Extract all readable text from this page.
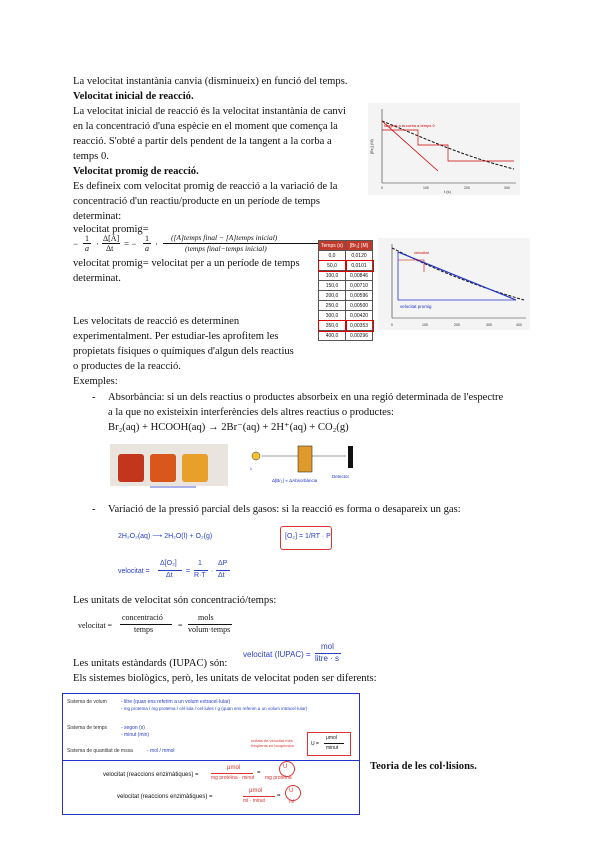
La velocitat instantània canvia (disminueix) en funció del temps.
Velocitat inicial de reacció.
La velocitat inicial de reacció és la velocitat instantània de canvi
en la concentració d'una espècie en el moment que comença la
reacció. S'obté a partir dels pendent de la tangent a la corba a
temps 0.
Velocitat promig de reacció.
Es defineix com velocitat promig de reacció a la variació de la
concentració d'un reactiu/producte en un període de temps
determinat:
velocitat promig=
−
1
a ·
Δ[A]
Δt = −
1
a ·
([A]temps final − [A]temps inicial)
(temps final−temps inicial)
velocitat promig= velocitat per a un període de temps
determinat.
[Br₂] (M)
tangent a la corba a temps 0
t (s)
0	100	200	300
Temps (s)	[Br₂] (M)
0,0	0,0120
50,0	0,0101
100,0	0,00846
150,0	0,00710
200,0	0,00596
250,0	0,00500
300,0	0,00420
350,0	0,00353
400,0	0,00296
velocitat
velocitat promig
0	100	200	300	400
Les velocitats de reacció es determinen
experimentalment. Per estudiar-les aprofitem les
propietats físiques o químiques d'algun dels reactius
o productes de la reacció.
Exemples:
- Absorbància: si un dels reactius o productes absorbeix en una regió determinada de l'espectre
a la que no existeixin interferències dels altres reactius o productes:
Br₂(aq) + HCOOH(aq) → 2Br⁻(aq) + 2H⁺(aq) + CO₂(g)
λ
Δ[Br₂] ∝ ΔAbsorbància
Detector
- Variació de la pressió parcial dels gasos: si la reacció es forma o desapareix un gas:
2H₂O₂(aq) ⟶ 2H₂O(l) + O₂(g)	[O₂] = 1/RT · P
velocitat =
Δ[O₂]
Δt
=
1
R·T
·
ΔP
Δt
Les unitats de velocitat són concentració/temps:
velocitat =
concentració
temps	=
mols
volum·temps
Les unitats estàndards (IUPAC) són:
velocitat (IUPAC) =
mol
litre · s
Els sistemes biològics, però, les unitats de velocitat poden ser diferents:
Sistema de volum	- litre (quan ens referim a un volum extracel·lular)
- mg proteïna / mg proteïna / cèl·lula / cel·lules / g (quan ens referim a un volum intracel·lular)
Sistema de temps	- segon (s)
- minut (min)
Sistema de quantitat de mssa	- mol / mmol
unitats de velocitat més
freqüents en bioquímica	U =
μmol
minut
velocitat (reaccions enzimàtiques) =
μmol
mg proteïna · minut
=
U
mg proteïna
velocitat (reaccions enzimàtiques) =
μmol
ml · minut
=
U
ml
Teoria de les col·lisions.
